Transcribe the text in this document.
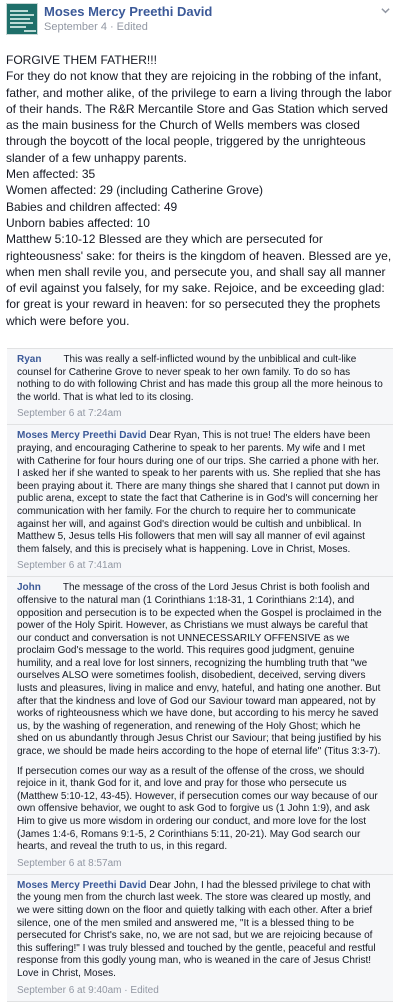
Moses Mercy Preethi David
September 4 · Edited

FORGIVE THEM FATHER!!!

For they do not know that they are rejoicing in the robbing of the infant, father, and mother alike, of the privilege to earn a living through the labor of their hands. The R&R Mercantile Store and Gas Station which served as the main business for the Church of Wells members was closed through the boycott of the local people, triggered by the unrighteous slander of a few unhappy parents.

Men affected: 35

Women affected: 29 (including Catherine Grove)

Babies and children affected: 49

Unborn babies affected: 10

Matthew 5:10-12 Blessed are they which are persecuted for righteousness' sake: for theirs is the kingdom of heaven. Blessed are ye, when men shall revile you, and persecute you, and shall say all manner of evil against you falsely, for my sake. Rejoice, and be exceeding glad: for great is your reward in heaven: for so persecuted they the prophets which were before you.

Ryan This was really a self-inflicted wound by the unbiblical and cult-like counsel for Catherine Grove to never speak to her own family. To do so has nothing to do with following Christ and has made this group all the more heinous to the world. That is what led to its closing.

September 6 at 7:24am

Moses Mercy Preethi David Dear Ryan, This is not true! The elders have been praying, and encouraging Catherine to speak to her parents. My wife and I met with Catherine for four hours during one of our trips. She carried a phone with her. I asked her if she wanted to speak to her parents with us. She replied that she has been praying about it. There are many things she shared that I cannot put down in public arena, except to state the fact that Catherine is in God's will concerning her communication with her family. For the church to require her to communicate against her will, and against God's direction would be cultish and unbiblical. In Matthew 5, Jesus tells His followers that men will say all manner of evil against them falsely, and this is precisely what is happening. Love in Christ, Moses.

September 6 at 7:41am

John The message of the cross of the Lord Jesus Christ is both foolish and offensive to the natural man (1 Corinthians 1:18-31, 1 Corinthians 2:14), and opposition and persecution is to be expected when the Gospel is proclaimed in the power of the Holy Spirit. However, as Christians we must always be careful that our conduct and conversation is not UNNECESSARILY OFFENSIVE as we proclaim God's message to the world. This requires good judgment, genuine humility, and a real love for lost sinners, recognizing the humbling truth that "we ourselves ALSO were sometimes foolish, disobedient, deceived, serving divers lusts and pleasures, living in malice and envy, hateful, and hating one another. But after that the kindness and love of God our Saviour toward man appeared, not by works of righteousness which we have done, but according to his mercy he saved us, by the washing of regeneration, and renewing of the Holy Ghost; which he shed on us abundantly through Jesus Christ our Saviour; that being justified by his grace, we should be made heirs according to the hope of eternal life" (Titus 3:3-7).

If persecution comes our way as a result of the offense of the cross, we should rejoice in it, thank God for it, and love and pray for those who persecute us (Matthew 5:10-12, 43-45). However, if persecution comes our way because of our own offensive behavior, we ought to ask God to forgive us (1 John 1:9), and ask Him to give us more wisdom in ordering our conduct, and more love for the lost (James 1:4-6, Romans 9:1-5, 2 Corinthians 5:11, 20-21). May God search our hearts, and reveal the truth to us, in this regard.

September 6 at 8:57am

Moses Mercy Preethi David Dear John, I had the blessed privilege to chat with the young men from the church last week. The store was cleared up mostly, and we were sitting down on the floor and quietly talking with each other. After a brief silence, one of the men smiled and answered me, "It is a blessed thing to be persecuted for Christ's sake, no, we are not sad, but we are rejoicing because of this suffering!" I was truly blessed and touched by the gentle, peaceful and restful response from this godly young man, who is weaned in the care of Jesus Christ! Love in Christ, Moses.

September 6 at 9:40am · Edited
